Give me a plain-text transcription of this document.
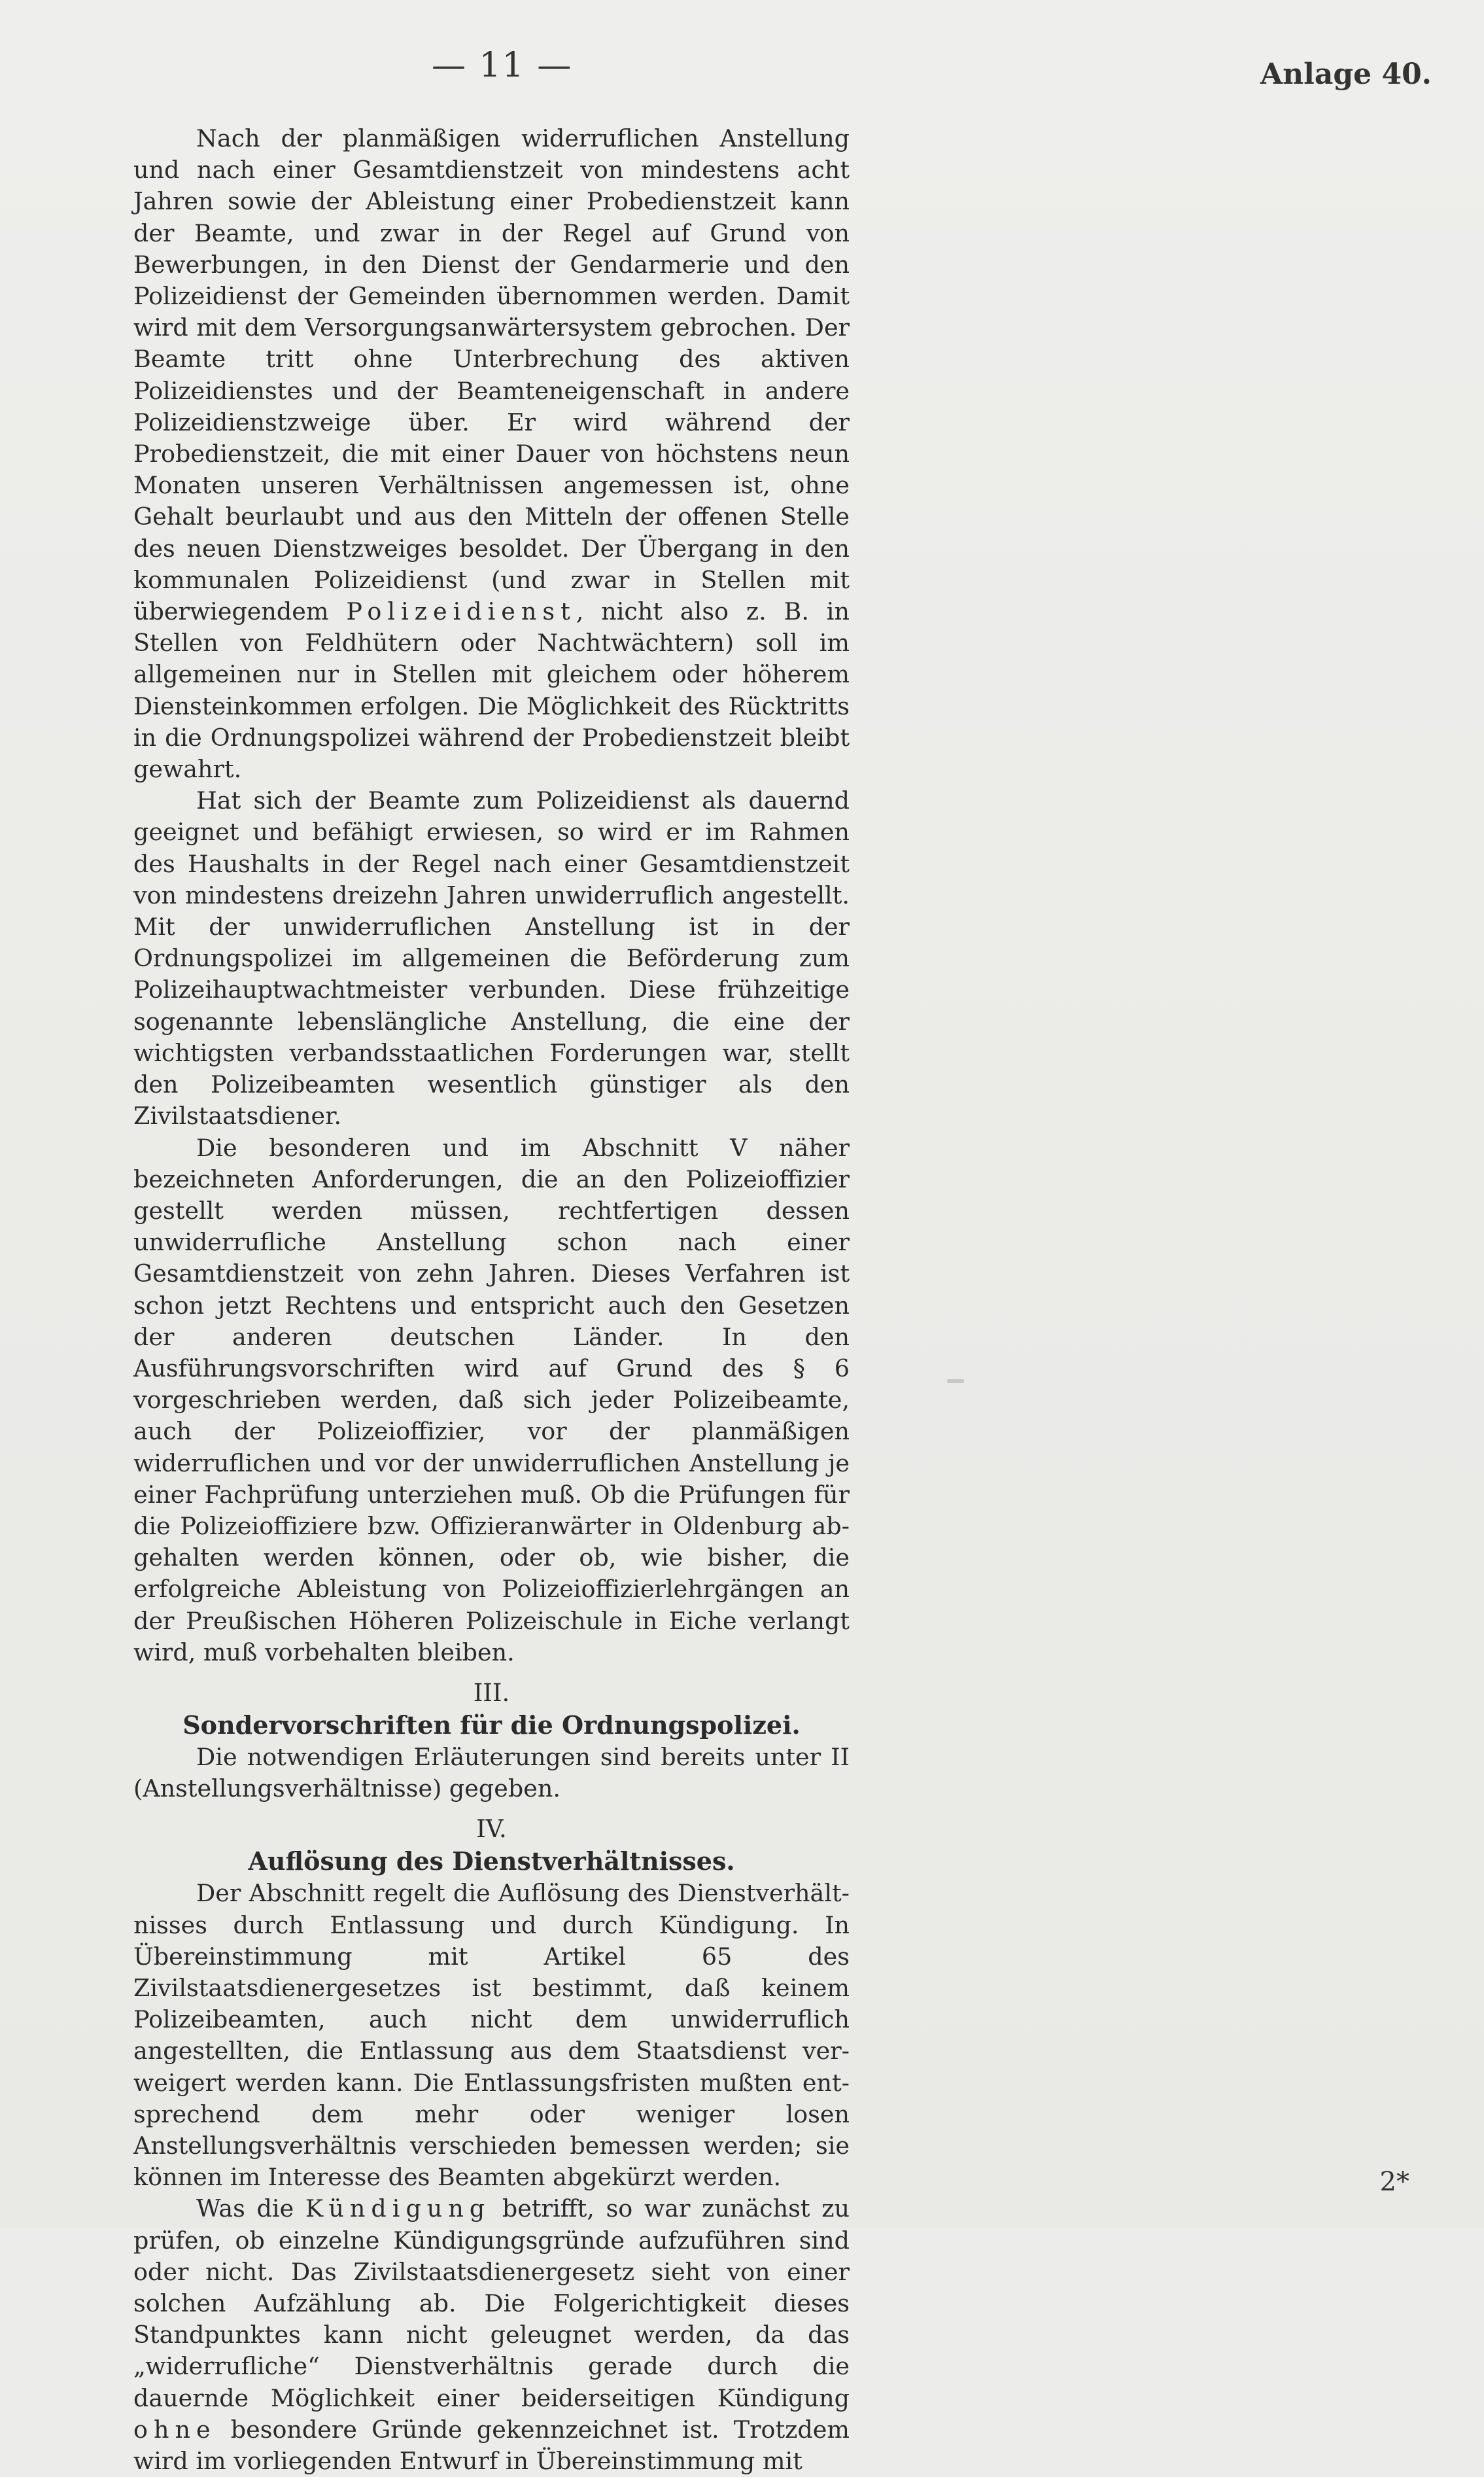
— 11 —	Anlage 40.

Nach der planmäßigen widerruflichen Anstellung und nach einer Gesamtdienstzeit von mindestens acht Jahren sowie der Ableistung einer Probedienstzeit kann der Beamte, und zwar in der Regel auf Grund von Bewerbungen, in den Dienst der Gendarmerie und den Polizeidienst der Gemeinden übernommen werden. Damit wird mit dem Versorgungsanwärtersystem gebrochen. Der Beamte tritt ohne Unterbrechung des aktiven Polizeidienstes und der Beamteneigenschaft in andere Polizeidienstzweige über. Er wird während der Probedienstzeit, die mit einer Dauer von höchstens neun Monaten unseren Verhältnissen angemessen ist, ohne Gehalt beurlaubt und aus den Mitteln der offenen Stelle des neuen Dienstzweiges besoldet. Der Übergang in den kommunalen Polizeidienst (und zwar in Stellen mit überwiegendem Polizeidienst, nicht also z. B. in Stellen von Feldhütern oder Nachtwächtern) soll im allgemeinen nur in Stellen mit gleichem oder höherem Diensteinkommen erfolgen. Die Möglichkeit des Rücktritts in die Ordnungspolizei während der Probedienstzeit bleibt gewahrt.

Hat sich der Beamte zum Polizeidienst als dauernd geeignet und befähigt erwiesen, so wird er im Rahmen des Haushalts in der Regel nach einer Gesamtdienstzeit von mindestens dreizehn Jahren unwiderruflich angestellt. Mit der unwiderruflichen Anstellung ist in der Ordnungspolizei im allgemeinen die Beförderung zum Polizeihauptwachtmeister verbunden. Diese frühzeitige sogenannte lebenslängliche Anstellung, die eine der wichtigsten verbandsstaatlichen Forderungen war, stellt den Polizeibeamten wesentlich günstiger als den Zivilstaatsdiener.

Die besonderen und im Abschnitt V näher bezeichneten Anforderungen, die an den Polizeioffizier gestellt werden müssen, rechtfertigen dessen unwiderrufliche Anstellung schon nach einer Gesamtdienstzeit von zehn Jahren. Dieses Verfahren ist schon jetzt Rechtens und entspricht auch den Gesetzen der anderen deutschen Länder. In den Ausführungsvorschriften wird auf Grund des § 6 vorgeschrieben werden, daß sich jeder Polizeibeamte, auch der Polizeioffizier, vor der planmäßigen widerruflichen und vor der unwiderruflichen Anstellung je einer Fachprüfung unterziehen muß. Ob die Prüfungen für die Polizeioffiziere bzw. Offizieranwärter in Oldenburg abgehalten werden können, oder ob, wie bisher, die erfolgreiche Ableistung von Polizeioffizierlehrgängen an der Preußischen Höheren Polizeischule in Eiche verlangt wird, muß vorbehalten bleiben.

III.
Sondervorschriften für die Ordnungspolizei.

Die notwendigen Erläuterungen sind bereits unter II (Anstellungsverhältnisse) gegeben.

IV.
Auflösung des Dienstverhältnisses.

Der Abschnitt regelt die Auflösung des Dienstverhältnisses durch Entlassung und durch Kündigung. In Übereinstimmung mit Artikel 65 des Zivilstaatsdienergesetzes ist bestimmt, daß keinem Polizeibeamten, auch nicht dem unwiderruflich angestellten, die Entlassung aus dem Staatsdienst verweigert werden kann. Die Entlassungsfristen mußten entsprechend dem mehr oder weniger losen Anstellungsverhältnis verschieden bemessen werden; sie können im Interesse des Beamten abgekürzt werden.

Was die Kündigung betrifft, so war zunächst zu prüfen, ob einzelne Kündigungsgründe aufzuführen sind oder nicht. Das Zivilstaatsdienergesetz sieht von einer solchen Aufzählung ab. Die Folgerichtigkeit dieses Standpunktes kann nicht geleugnet werden, da das „widerrufliche“ Dienstverhältnis gerade durch die dauernde Möglichkeit einer beiderseitigen Kündigung ohne besondere Gründe gekennzeichnet ist. Trotzdem wird im vorliegenden Entwurf in Übereinstimmung mit

2*
